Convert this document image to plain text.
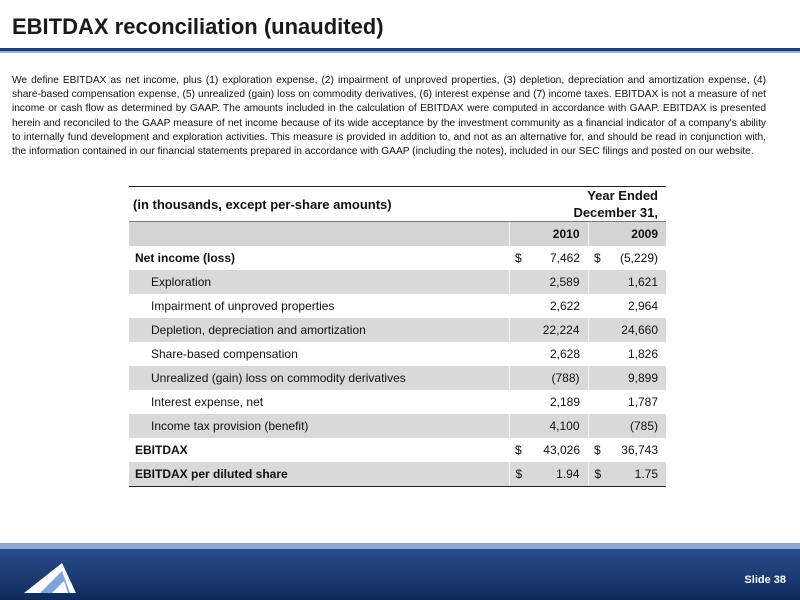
EBITDAX reconciliation (unaudited)
We define EBITDAX as net income, plus (1) exploration expense, (2) impairment of unproved properties, (3) depletion, depreciation and amortization expense, (4) share-based compensation expense, (5) unrealized (gain) loss on commodity derivatives, (6) interest expense and (7) income taxes. EBITDAX is not a measure of net income or cash flow as determined by GAAP. The amounts included in the calculation of EBITDAX were computed in accordance with GAAP. EBITDAX is presented herein and reconciled to the GAAP measure of net income because of its wide acceptance by the investment community as a financial indicator of a company's ability to internally fund development and exploration activities. This measure is provided in addition to, and not as an alternative for, and should be read in conjunction with, the information contained in our financial statements prepared in accordance with GAAP (including the notes), included in our SEC filings and posted on our website.
(in thousands, except per-share amounts)	Year Ended
December 31,			

		2010		2009
Net income (loss)	$	7,462	$	(5,229)
Exploration		2,589		1,621
Impairment of unproved properties		2,622		2,964
Depletion, depreciation and amortization		22,224		24,660
Share-based compensation		2,628		1,826
Unrealized (gain) loss on commodity derivatives		(788)		9,899
Interest expense, net		2,189		1,787
Income tax provision (benefit)		4,100		(785)
EBITDAX	$	43,026	$	36,743
EBITDAX per diluted share	$	1.94	$	1.75
Slide 38
